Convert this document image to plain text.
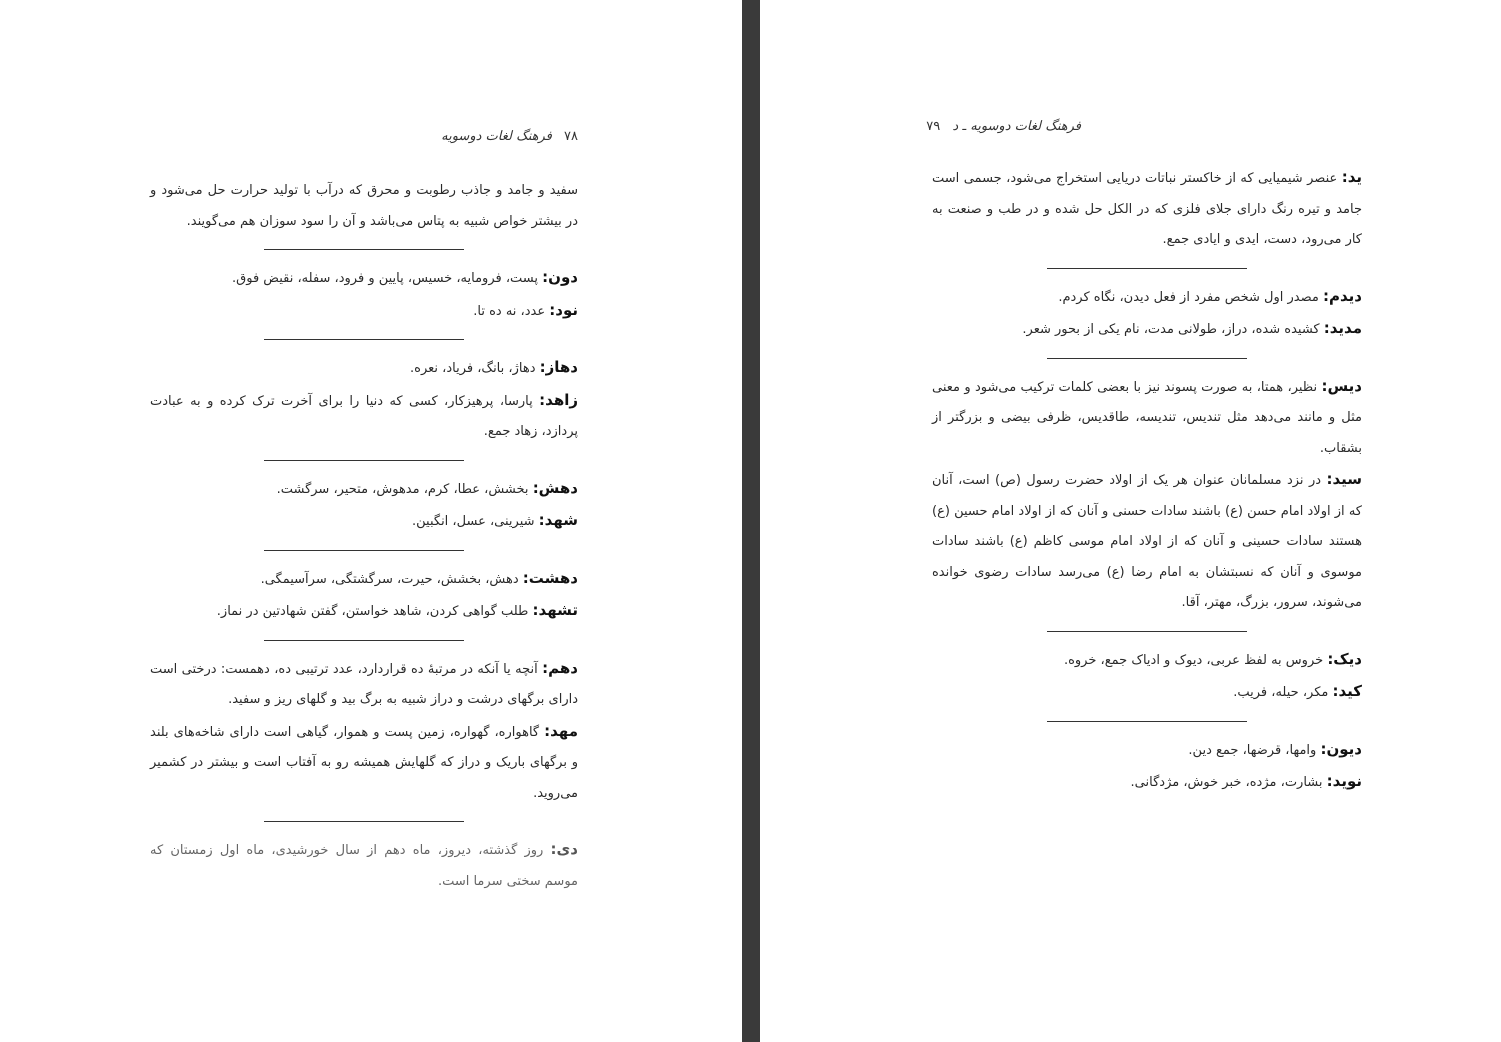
۷۸ فرهنگ لغات دوسویه

سفید و جامد و جاذب رطوبت و محرق که درآب با تولید حرارت حل می‌شود و در بیشتر خواص شبیه به پتاس می‌باشد و آن را سود سوزان هم می‌گویند.

دون: پست، فرومایه، خسیس، پایین و فرود، سفله، نقیض فوق.

نود: عدد، نه ده تا.

دهاز: دهاژ، بانگ، فریاد، نعره.

زاهد: پارسا، پرهیزکار، کسی که دنیا را برای آخرت ترک کرده و به عبادت پردازد، زهاد جمع.

دهش: بخشش، عطا، کرم، مدهوش، متحیر، سرگشت.

شهد: شیرینی، عسل، انگبین.

دهشت: دهش، بخشش، حیرت، سرگشتگی، سرآسیمگی.

تشهد: طلب گواهی کردن، شاهد خواستن، گفتن شهادتین در نماز.

دهم: آنچه یا آنکه در مرتبهٔ ده قراردارد، عدد ترتیبی ده، دهمست: درختی است دارای برگهای درشت و دراز شبیه به برگ بید و گلهای ریز و سفید.

مهد: گاهواره، گهواره، زمین پست و هموار، گیاهی است دارای شاخه‌های بلند و برگهای باریک و دراز که گلهایش همیشه رو به آفتاب است و بیشتر در کشمیر می‌روید.

دی: روز گذشته، دیروز، ماه دهم از سال خورشیدی، ماه اول زمستان که موسم سختی سرما است.

فرهنگ لغات دوسویه ـ د ۷۹

ید: عنصر شیمیایی که از خاکستر نباتات دریایی استخراج می‌شود، جسمی است جامد و تیره رنگ دارای جلای فلزی که در الکل حل شده و در طب و صنعت به کار می‌رود، دست، ایدی و ایادی جمع.

دیدم: مصدر اول شخص مفرد از فعل دیدن، نگاه کردم.

مدید: کشیده شده، دراز، طولانی مدت، نام یکی از بحور شعر.

دیس: نظیر، همتا، به صورت پسوند نیز با بعضی کلمات ترکیب می‌شود و معنی مثل و مانند می‌دهد مثل تندیس، تندیسه، طاقدیس، ظرفی بیضی و بزرگتر از بشقاب.

سید: در نزد مسلمانان عنوان هر یک از اولاد حضرت رسول (ص) است، آنان که از اولاد امام حسن (ع) باشند سادات حسنی و آنان که از اولاد امام حسین (ع) هستند سادات حسینی و آنان که از اولاد امام موسی کاظم (ع) باشند سادات موسوی و آنان که نسبتشان به امام رضا (ع) می‌رسد سادات رضوی خوانده می‌شوند، سرور، بزرگ، مهتر، آقا.

دیک: خروس به لفظ عربی، دیوک و ادیاک جمع، خروه.

کید: مکر، حیله، فریب.

دیون: وامها، قرضها، جمع دین.

نوید: بشارت، مژده، خبر خوش، مژدگانی.
